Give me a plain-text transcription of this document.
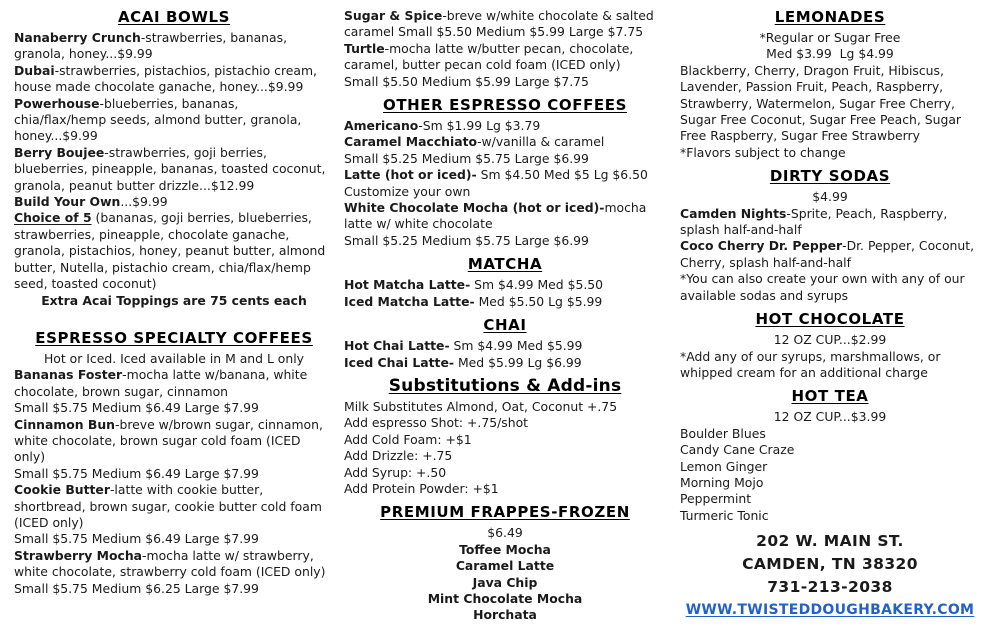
ACAI BOWLS
Nanaberry Crunch-strawberries, bananas, granola, honey...$9.99
Dubai-strawberries, pistachios, pistachio cream, house made chocolate ganache, honey...$9.99
Powerhouse-blueberries, bananas, chia/flax/hemp seeds, almond butter, granola, honey...$9.99
Berry Boujee-strawberries, goji berries, blueberries, pineapple, bananas, toasted coconut, granola, peanut butter drizzle...$12.99
Build Your Own...$9.99
Choice of 5 (bananas, goji berries, blueberries, strawberries, pineapple, chocolate ganache, granola, pistachios, honey, peanut butter, almond butter, Nutella, pistachio cream, chia/flax/hemp seed, toasted coconut)
Extra Acai Toppings are 75 cents each
ESPRESSO SPECIALTY COFFEES
Hot or Iced. Iced available in M and L only
Bananas Foster-mocha latte w/banana, white chocolate, brown sugar, cinnamon
Small $5.75 Medium $6.49 Large $7.99
Cinnamon Bun-breve w/brown sugar, cinnamon, white chocolate, brown sugar cold foam (ICED only)
Small $5.75 Medium $6.49 Large $7.99
Cookie Butter-latte with cookie butter, shortbread, brown sugar, cookie butter cold foam (ICED only)
Small $5.75 Medium $6.49 Large $7.99
Strawberry Mocha-mocha latte w/ strawberry, white chocolate, strawberry cold foam (ICED only) Small $5.75 Medium $6.25 Large $7.99
Sugar & Spice-breve w/white chocolate & salted caramel Small $5.50 Medium $5.99 Large $7.75
Turtle-mocha latte w/butter pecan, chocolate, caramel, butter pecan cold foam (ICED only)
Small $5.50 Medium $5.99 Large $7.75
OTHER ESPRESSO COFFEES
Americano-Sm $1.99 Lg $3.79
Caramel Macchiato-w/vanilla & caramel
Small $5.25 Medium $5.75 Large $6.99
Latte (hot or iced)- Sm $4.50 Med $5 Lg $6.50
Customize your own
White Chocolate Mocha (hot or iced)-mocha latte w/ white chocolate
Small $5.25 Medium $5.75 Large $6.99
MATCHA
Hot Matcha Latte- Sm $4.99 Med $5.50
Iced Matcha Latte- Med $5.50 Lg $5.99
CHAI
Hot Chai Latte- Sm $4.99 Med $5.99
Iced Chai Latte- Med $5.99 Lg $6.99
Substitutions & Add-ins
Milk Substitutes Almond, Oat, Coconut +.75
Add espresso Shot: +.75/shot
Add Cold Foam: +$1
Add Drizzle: +.75
Add Syrup: +.50
Add Protein Powder: +$1
PREMIUM FRAPPES-FROZEN
$6.49
Toffee Mocha
Caramel Latte
Java Chip
Mint Chocolate Mocha
Horchata
LEMONADES
*Regular or Sugar Free
Med $3.99  Lg $4.99
Blackberry, Cherry, Dragon Fruit, Hibiscus, Lavender, Passion Fruit, Peach, Raspberry, Strawberry, Watermelon, Sugar Free Cherry, Sugar Free Coconut, Sugar Free Peach, Sugar Free Raspberry, Sugar Free Strawberry
*Flavors subject to change
DIRTY SODAS
$4.99
Camden Nights-Sprite, Peach, Raspberry, splash half-and-half
Coco Cherry Dr. Pepper-Dr. Pepper, Coconut, Cherry, splash half-and-half
*You can also create your own with any of our available sodas and syrups
HOT CHOCOLATE
12 OZ CUP...$2.99
*Add any of our syrups, marshmallows, or whipped cream for an additional charge
HOT TEA
12 OZ CUP...$3.99
Boulder Blues
Candy Cane Craze
Lemon Ginger
Morning Mojo
Peppermint
Turmeric Tonic
202 W. MAIN ST.
CAMDEN, TN 38320
731-213-2038
WWW.TWISTEDDOUGHBAKERY.COM
